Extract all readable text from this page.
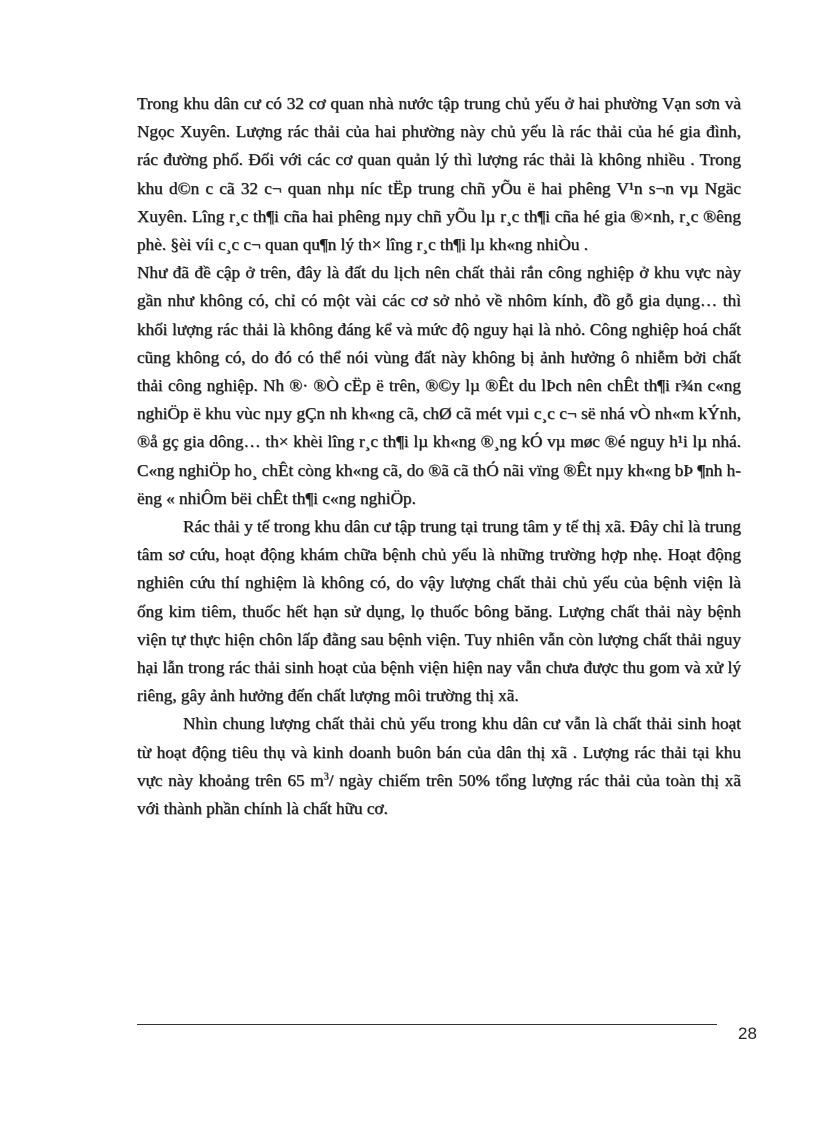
Trong khu dân cư có 32 cơ quan nhà nước tập trung chủ yếu ở hai phường Vạn sơn và Ngọc Xuyên. Lượng rác thải của hai phường này chủ yếu là rác thải của hé gia đình, rác đường phố. Đối với các cơ quan quản lý thì lượng rác thải là không nhiều . Trong khu d©n c cã 32 c¬ quan nhµ níc tËp trung chñ yÕu ë hai phêng V¹n s¬n vµ Ngäc Xuyên. Lîng r¸c th¶i cña hai phêng nµy chñ yÕu lµ r¸c th¶i cña hé gia ®×nh, r¸c ®êng phè. §èi víi c¸c c¬ quan qu¶n lý th× lîng r¸c th¶i lµ kh«ng nhiÒu .

Như đã đề cập ở trên, đây là đất du lịch nên chất thải rắn công nghiệp ở khu vực này gần như không có, chỉ có một vài các cơ sở nhỏ về nhôm kính, đồ gỗ gia dụng… thì khối lượng rác thải là không đáng kể và mức độ nguy hại là nhỏ. Công nghiệp hoá chất cũng không có, do đó có thể nói vùng đất này không bị ảnh hưởng ô nhiễm bởi chất thải công nghiệp. Nh ®· ®Ò cËp ë trên, ®©y lµ ®Êt du lÞch nên chÊt th¶i r¾n c«ng nghiÖp ë khu vùc nµy gÇn nh kh«ng cã, chØ cã mét vµi c¸c c¬ së nhá vÒ nh«m kÝnh, ®å gç gia dông… th× khèi lîng r¸c th¶i lµ kh«ng ®¸ng kÓ vµ møc ®é nguy h¹i lµ nhá. C«ng nghiÖp ho¸ chÊt còng kh«ng cã, do ®ã cã thÓ nãi vïng ®Êt nµy kh«ng bÞ ¶nh hëng « nhiÔm bëi chÊt th¶i c«ng nghiÖp.

Rác thải y tế trong khu dân cư tập trung tại trung tâm y tế thị xã. Đây chỉ là trung tâm sơ cứu, hoạt động khám chữa bệnh chủ yếu là những trường hợp nhẹ. Hoạt động nghiên cứu thí nghiệm là không có, do vậy lượng chất thải chủ yếu của bệnh viện là ống kim tiêm, thuốc hết hạn sử dụng, lọ thuốc bông băng. Lượng chất thải này bệnh viện tự thực hiện chôn lấp đằng sau bệnh viện. Tuy nhiên vẫn còn lượng chất thải nguy hại lẫn trong rác thải sinh hoạt của bệnh viện hiện nay vẫn chưa được thu gom và xử lý riêng, gây ảnh hưởng đến chất lượng môi trường thị xã.

Nhìn chung lượng chất thải chủ yếu trong khu dân cư vẫn là chất thải sinh hoạt từ hoạt động tiêu thụ và kinh doanh buôn bán của dân thị xã . Lượng rác thải tại khu vực này khoảng trên 65 $m^3/$ ngày chiếm trên 50% tổng lượng rác thải của toàn thị xã với thành phần chính là chất hữu cơ.

28
